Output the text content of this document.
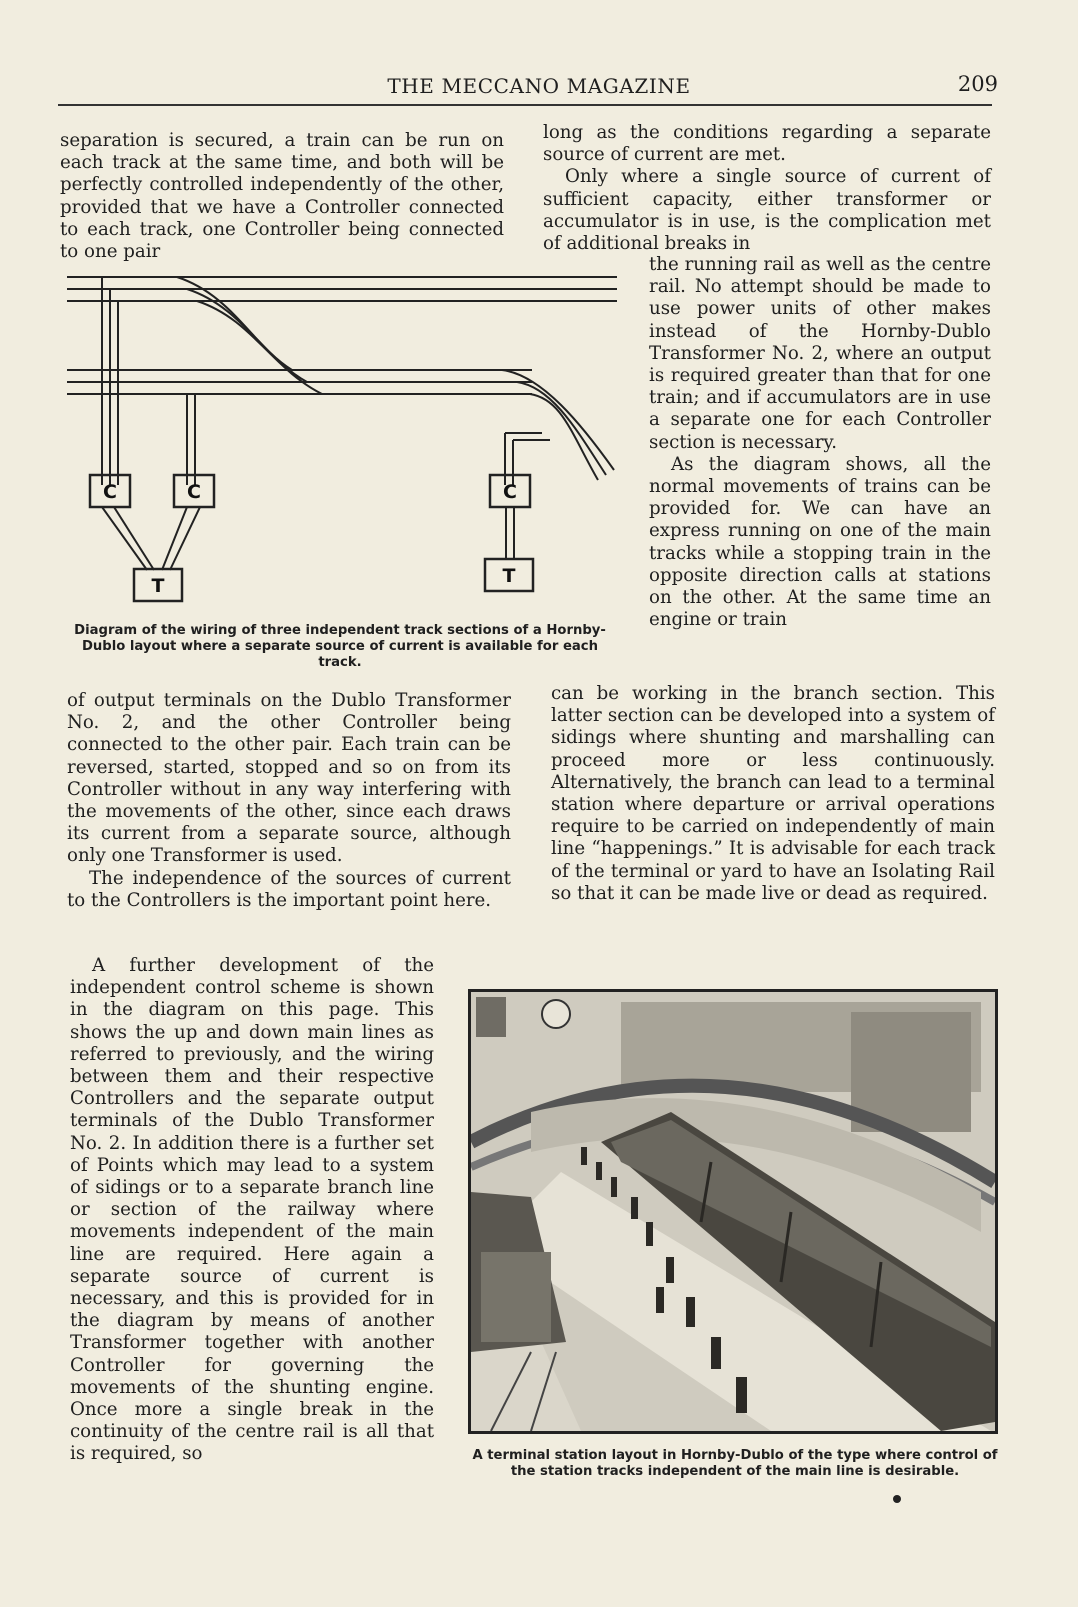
THE MECCANO MAGAZINE	209

separation is secured, a train can be run on each track at the same time, and both will be perfectly controlled independently of the other, provided that we have a Controller connected to each track, one Controller being connected to one pair

long as the conditions regarding a separate source of current are met.

Only where a single source of current of sufficient capacity, either transformer or accumulator is in use, is the complication met of additional breaks in

the running rail as well as the centre rail. No attempt should be made to use power units of other makes instead of the Hornby-Dublo Transformer No. 2, where an output is required greater than that for one train; and if accumulators are in use a separate one for each Controller section is necessary.

As the diagram shows, all the normal movements of trains can be provided for. We can have an express running on one of the main tracks while a stopping train in the opposite direction calls at stations on the other. At the same time an engine or train

C	C	C
T	T
Diagram of the wiring of three independent track sections of a Hornby-Dublo layout where a separate source of current is available for each track.

of output terminals on the Dublo Transformer No. 2, and the other Controller being connected to the other pair. Each train can be reversed, started, stopped and so on from its Controller without in any way interfering with the movements of the other, since each draws its current from a separate source, although only one Transformer is used.

The independence of the sources of current to the Controllers is the important point here.

can be working in the branch section. This latter section can be developed into a system of sidings where shunting and marshalling can proceed more or less continuously. Alternatively, the branch can lead to a terminal station where departure or arrival operations require to be carried on independently of main line “happenings.” It is advisable for each track of the terminal or yard to have an Isolating Rail so that it can be made live or dead as required.

A further development of the independent control scheme is shown in the diagram on this page. This shows the up and down main lines as referred to previously, and the wiring between them and their respective Controllers and the separate output terminals of the Dublo Transformer No. 2. In addition there is a further set of Points which may lead to a system of sidings or to a separate branch line or section of the railway where movements independent of the main line are required. Here again a separate source of current is necessary, and this is provided for in the diagram by means of another Transformer together with another Controller for governing the movements of the shunting engine. Once more a single break in the continuity of the centre rail is all that is required, so	A terminal station layout in Hornby-Dublo of the type where control of the station tracks independent of the main line is desirable.
